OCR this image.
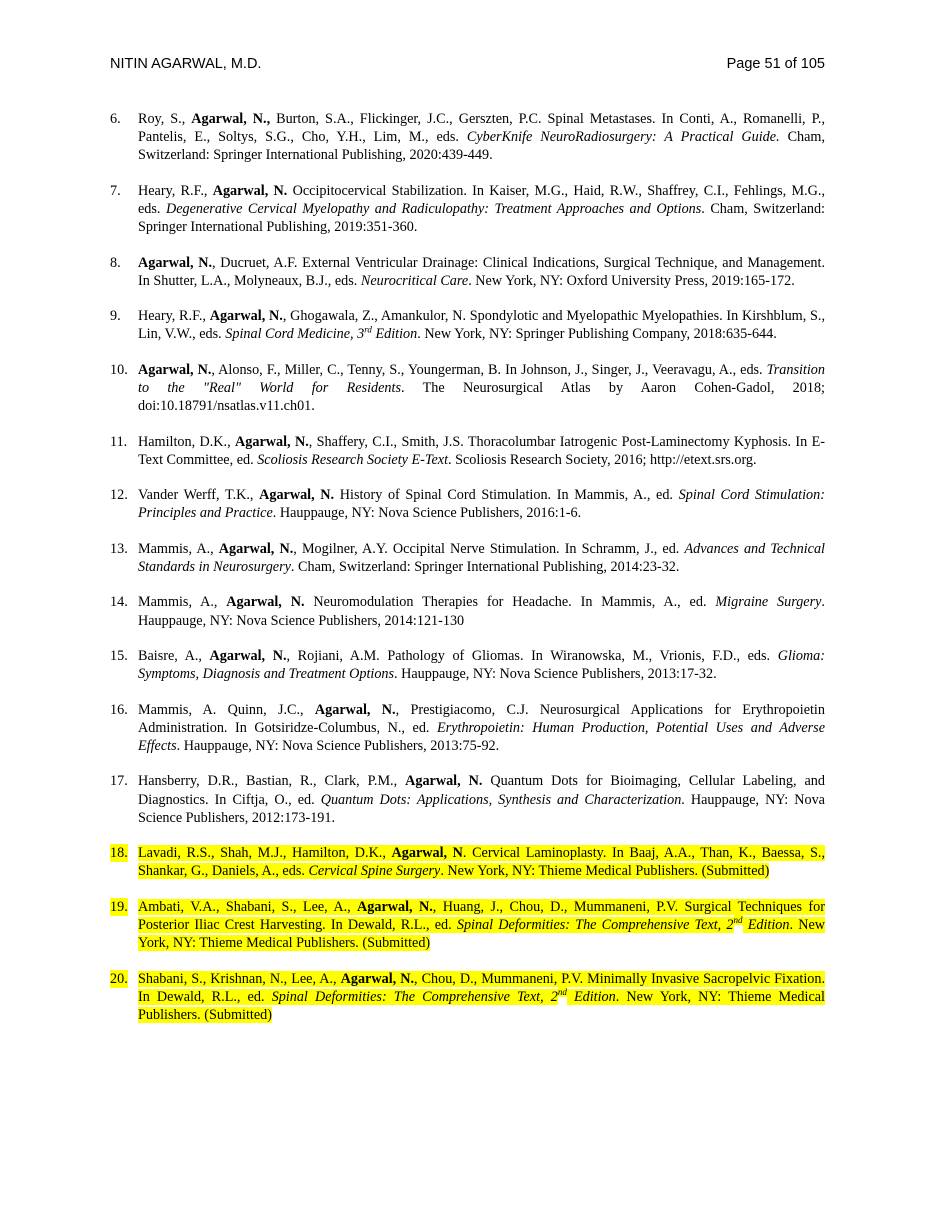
NITIN AGARWAL, M.D.	Page 51 of 105
6. Roy, S., Agarwal, N., Burton, S.A., Flickinger, J.C., Gerszten, P.C. Spinal Metastases. In Conti, A., Romanelli, P., Pantelis, E., Soltys, S.G., Cho, Y.H., Lim, M., eds. CyberKnife NeuroRadiosurgery: A Practical Guide. Cham, Switzerland: Springer International Publishing, 2020:439-449.
7. Heary, R.F., Agarwal, N. Occipitocervical Stabilization. In Kaiser, M.G., Haid, R.W., Shaffrey, C.I., Fehlings, M.G., eds. Degenerative Cervical Myelopathy and Radiculopathy: Treatment Approaches and Options. Cham, Switzerland: Springer International Publishing, 2019:351-360.
8. Agarwal, N., Ducruet, A.F. External Ventricular Drainage: Clinical Indications, Surgical Technique, and Management. In Shutter, L.A., Molyneaux, B.J., eds. Neurocritical Care. New York, NY: Oxford University Press, 2019:165-172.
9. Heary, R.F., Agarwal, N., Ghogawala, Z., Amankulor, N. Spondylotic and Myelopathic Myelopathies. In Kirshblum, S., Lin, V.W., eds. Spinal Cord Medicine, 3rd Edition. New York, NY: Springer Publishing Company, 2018:635-644.
10. Agarwal, N., Alonso, F., Miller, C., Tenny, S., Youngerman, B. In Johnson, J., Singer, J., Veeravagu, A., eds. Transition to the "Real" World for Residents. The Neurosurgical Atlas by Aaron Cohen-Gadol, 2018; doi:10.18791/nsatlas.v11.ch01.
11. Hamilton, D.K., Agarwal, N., Shaffery, C.I., Smith, J.S. Thoracolumbar Iatrogenic Post-Laminectomy Kyphosis. In E-Text Committee, ed. Scoliosis Research Society E-Text. Scoliosis Research Society, 2016; http://etext.srs.org.
12. Vander Werff, T.K., Agarwal, N. History of Spinal Cord Stimulation. In Mammis, A., ed. Spinal Cord Stimulation: Principles and Practice. Hauppauge, NY: Nova Science Publishers, 2016:1-6.
13. Mammis, A., Agarwal, N., Mogilner, A.Y. Occipital Nerve Stimulation. In Schramm, J., ed. Advances and Technical Standards in Neurosurgery. Cham, Switzerland: Springer International Publishing, 2014:23-32.
14. Mammis, A., Agarwal, N. Neuromodulation Therapies for Headache. In Mammis, A., ed. Migraine Surgery. Hauppauge, NY: Nova Science Publishers, 2014:121-130
15. Baisre, A., Agarwal, N., Rojiani, A.M. Pathology of Gliomas. In Wiranowska, M., Vrionis, F.D., eds. Glioma: Symptoms, Diagnosis and Treatment Options. Hauppauge, NY: Nova Science Publishers, 2013:17-32.
16. Mammis, A. Quinn, J.C., Agarwal, N., Prestigiacomo, C.J. Neurosurgical Applications for Erythropoietin Administration. In Gotsiridze-Columbus, N., ed. Erythropoietin: Human Production, Potential Uses and Adverse Effects. Hauppauge, NY: Nova Science Publishers, 2013:75-92.
17. Hansberry, D.R., Bastian, R., Clark, P.M., Agarwal, N. Quantum Dots for Bioimaging, Cellular Labeling, and Diagnostics. In Ciftja, O., ed. Quantum Dots: Applications, Synthesis and Characterization. Hauppauge, NY: Nova Science Publishers, 2012:173-191.
18. Lavadi, R.S., Shah, M.J., Hamilton, D.K., Agarwal, N. Cervical Laminoplasty. In Baaj, A.A., Than, K., Baessa, S., Shankar, G., Daniels, A., eds. Cervical Spine Surgery. New York, NY: Thieme Medical Publishers. (Submitted)
19. Ambati, V.A., Shabani, S., Lee, A., Agarwal, N., Huang, J., Chou, D., Mummaneni, P.V. Surgical Techniques for Posterior Iliac Crest Harvesting. In Dewald, R.L., ed. Spinal Deformities: The Comprehensive Text, 2nd Edition. New York, NY: Thieme Medical Publishers. (Submitted)
20. Shabani, S., Krishnan, N., Lee, A., Agarwal, N., Chou, D., Mummaneni, P.V. Minimally Invasive Sacropelvic Fixation. In Dewald, R.L., ed. Spinal Deformities: The Comprehensive Text, 2nd Edition. New York, NY: Thieme Medical Publishers. (Submitted)
